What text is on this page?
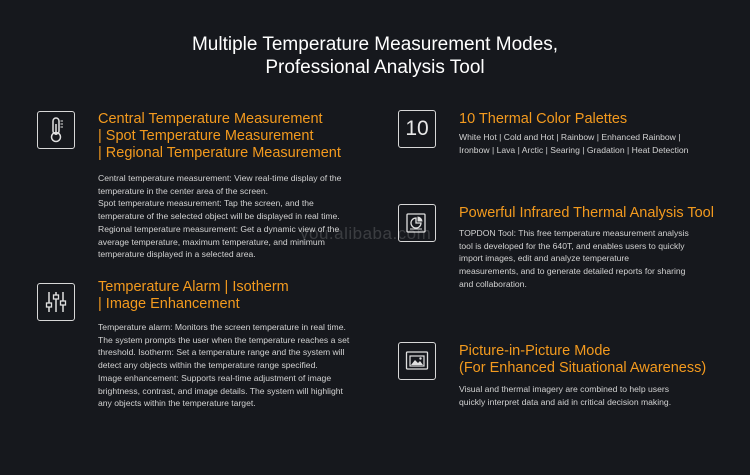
Multiple Temperature Measurement Modes,
Professional Analysis Tool
Central Temperature Measurement
| Spot Temperature Measurement
| Regional Temperature Measurement
Central temperature measurement: View real-time display of the
temperature in the center area of the screen.
Spot temperature measurement: Tap the screen, and the
temperature of the selected object will be displayed in real time.
Regional temperature measurement: Get a dynamic view of the
average temperature, maximum temperature, and minimum
temperature displayed in a selected area.
Temperature Alarm | Isotherm
| Image Enhancement
Temperature alarm: Monitors the screen temperature in real time.
The system prompts the user when the temperature reaches a set
threshold. Isotherm: Set a temperature range and the system will
detect any objects within the temperature range specified.
Image enhancement: Supports real-time adjustment of image
brightness, contrast, and image details. The system will highlight
any objects within the temperature target.
10	10 Thermal Color Palettes
White Hot | Cold and Hot | Rainbow | Enhanced Rainbow |
Ironbow | Lava | Arctic | Searing | Gradation | Heat Detection
Powerful Infrared Thermal Analysis Tool
TOPDON Tool: This free temperature measurement analysis
tool is developed for the 640T, and enables users to quickly
import images, edit and analyze temperature
measurements, and to generate detailed reports for sharing
and collaboration.
Picture-in-Picture Mode
(For Enhanced Situational Awareness)
Visual and thermal imagery are combined to help users
quickly interpret data and aid in critical decision making.
you.alibaba.com
